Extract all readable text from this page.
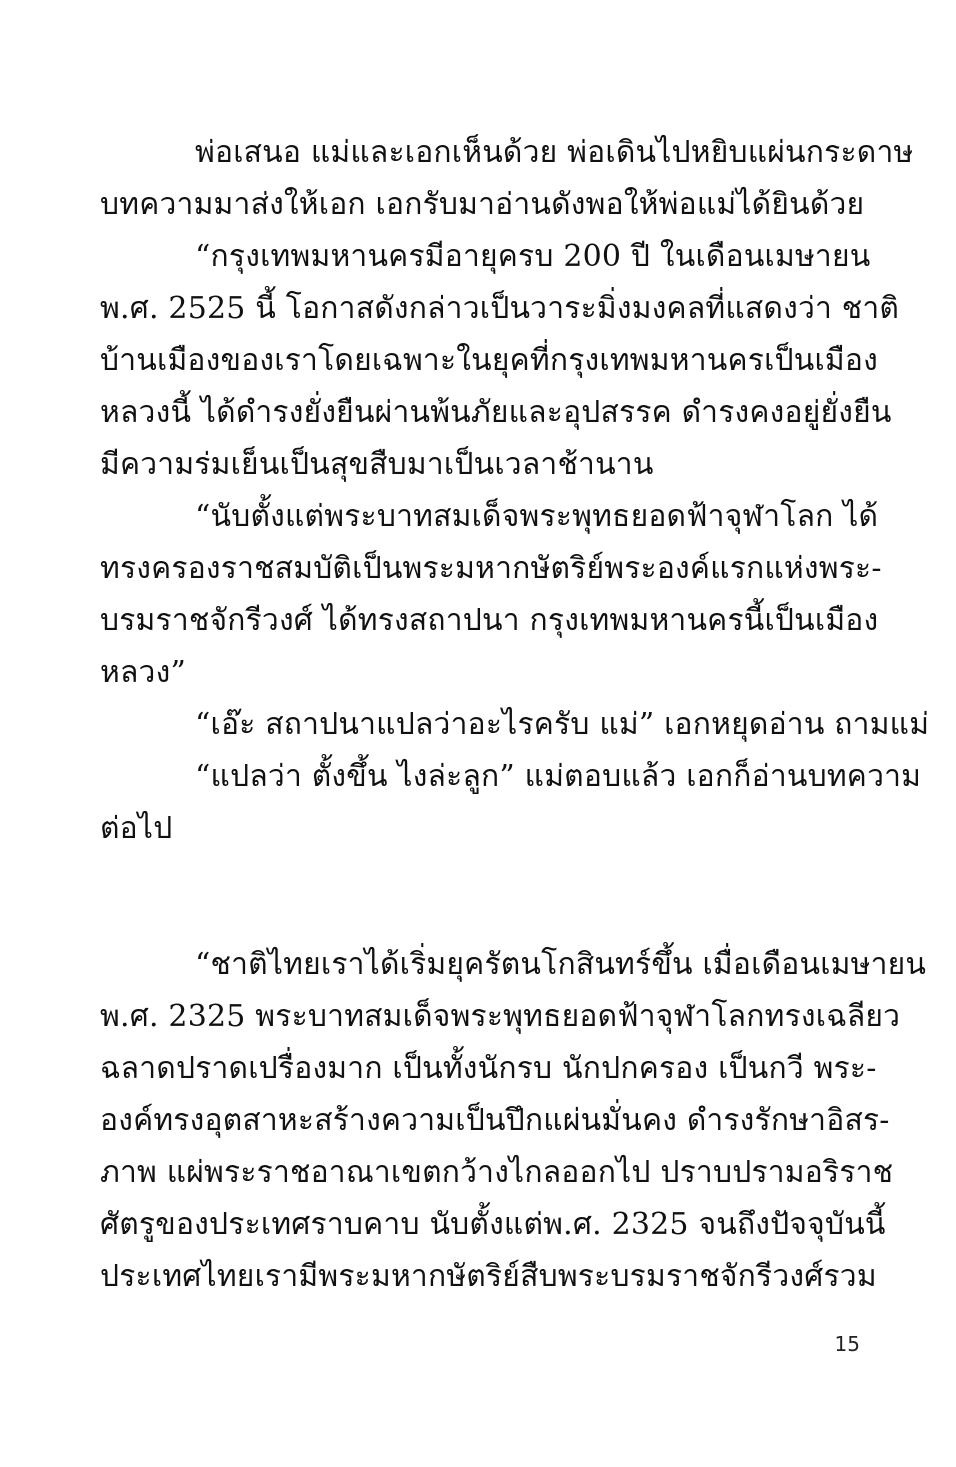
พ่อเสนอ แม่และเอกเห็นด้วย พ่อเดินไปหยิบแผ่นกระดาษ
บทความมาส่งให้เอก เอกรับมาอ่านดังพอให้พ่อแม่ได้ยินด้วย
“กรุงเทพมหานครมีอายุครบ 200 ปี ในเดือนเมษายน
พ.ศ. 2525 นี้ โอกาสดังกล่าวเป็นวาระมิ่งมงคลที่แสดงว่า ชาติ
บ้านเมืองของเราโดยเฉพาะในยุคที่กรุงเทพมหานครเป็นเมือง
หลวงนี้ ได้ดำรงยั่งยืนผ่านพ้นภัยและอุปสรรค ดำรงคงอยู่ยั่งยืน
มีความร่มเย็นเป็นสุขสืบมาเป็นเวลาช้านาน
“นับตั้งแต่พระบาทสมเด็จพระพุทธยอดฟ้าจุฬาโลก ได้
ทรงครองราชสมบัติเป็นพระมหากษัตริย์พระองค์แรกแห่งพระ-
บรมราชจักรีวงศ์ ได้ทรงสถาปนา กรุงเทพมหานครนี้เป็นเมือง
หลวง”
“เอ๊ะ สถาปนาแปลว่าอะไรครับ แม่” เอกหยุดอ่าน ถามแม่
“แปลว่า ตั้งขึ้น ไงล่ะลูก” แม่ตอบแล้ว เอกก็อ่านบทความ
ต่อไป
“ชาติไทยเราได้เริ่มยุครัตนโกสินทร์ขึ้น เมื่อเดือนเมษายน
พ.ศ. 2325 พระบาทสมเด็จพระพุทธยอดฟ้าจุฬาโลกทรงเฉลียว
ฉลาดปราดเปรื่องมาก เป็นทั้งนักรบ นักปกครอง เป็นกวี พระ-
องค์ทรงอุตสาหะสร้างความเป็นปึกแผ่นมั่นคง ดำรงรักษาอิสร-
ภาพ แผ่พระราชอาณาเขตกว้างไกลออกไป ปราบปรามอริราช
ศัตรูของประเทศราบคาบ นับตั้งแต่พ.ศ. 2325 จนถึงปัจจุบันนี้
ประเทศไทยเรามีพระมหากษัตริย์สืบพระบรมราชจักรีวงศ์รวม
15
